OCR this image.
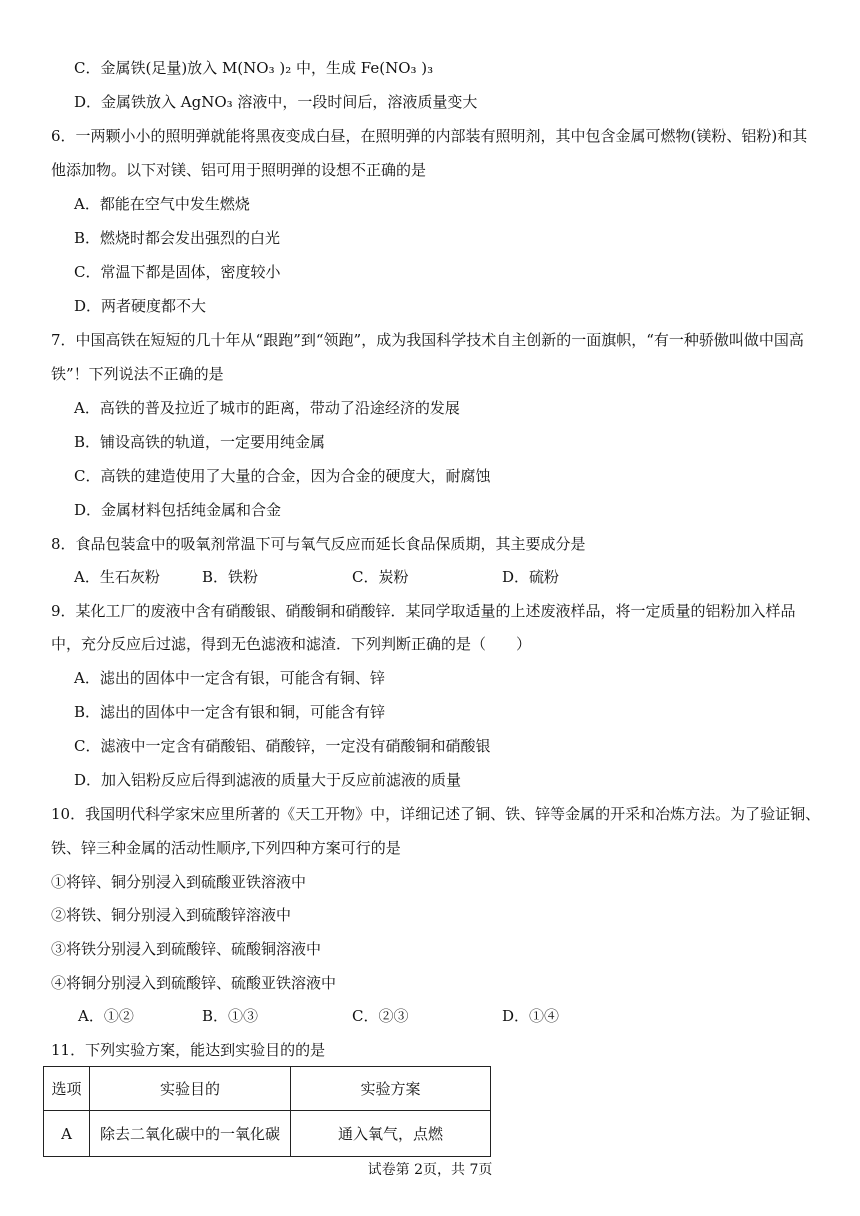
C．金属铁(足量)放入 M(NO₃ )₂ 中，生成 Fe(NO₃ )₃
D．金属铁放入 AgNO₃ 溶液中，一段时间后，溶液质量变大
6．一两颗小小的照明弹就能将黑夜变成白昼，在照明弹的内部装有照明剂，其中包含金属可燃物(镁粉、铝粉)和其
他添加物。以下对镁、铝可用于照明弹的设想不正确的是
A．都能在空气中发生燃烧
B．燃烧时都会发出强烈的白光
C．常温下都是固体，密度较小
D．两者硬度都不大
7．中国高铁在短短的几十年从“跟跑”到“领跑”，成为我国科学技术自主创新的一面旗帜，“有一种骄傲叫做中国高
铁”！下列说法不正确的是
A．高铁的普及拉近了城市的距离，带动了沿途经济的发展
B．铺设高铁的轨道，一定要用纯金属
C．高铁的建造使用了大量的合金，因为合金的硬度大，耐腐蚀
D．金属材料包括纯金属和合金
8．食品包装盒中的吸氧剂常温下可与氧气反应而延长食品保质期，其主要成分是
A．生石灰粉	B．铁粉	C．炭粉	D．硫粉
9．某化工厂的废液中含有硝酸银、硝酸铜和硝酸锌．某同学取适量的上述废液样品，将一定质量的铝粉加入样品
中，充分反应后过滤，得到无色滤液和滤渣．下列判断正确的是（　　）
A．滤出的固体中一定含有银，可能含有铜、锌
B．滤出的固体中一定含有银和铜，可能含有锌
C．滤液中一定含有硝酸铝、硝酸锌，一定没有硝酸铜和硝酸银
D．加入铝粉反应后得到滤液的质量大于反应前滤液的质量
10．我国明代科学家宋应里所著的《天工开物》中，详细记述了铜、铁、锌等金属的开采和冶炼方法。为了验证铜、
铁、锌三种金属的活动性顺序,下列四种方案可行的是
①将锌、铜分别浸入到硫酸亚铁溶液中
②将铁、铜分别浸入到硫酸锌溶液中
③将铁分别浸入到硫酸锌、硫酸铜溶液中
④将铜分别浸入到硫酸锌、硫酸亚铁溶液中
A．①②	B．①③	C．②③	D．①④
11．下列实验方案，能达到实验目的的是
选项	实验目的	实验方案
A	除去二氧化碳中的一氧化碳	通入氧气，点燃
试卷第 2页，共 7页
